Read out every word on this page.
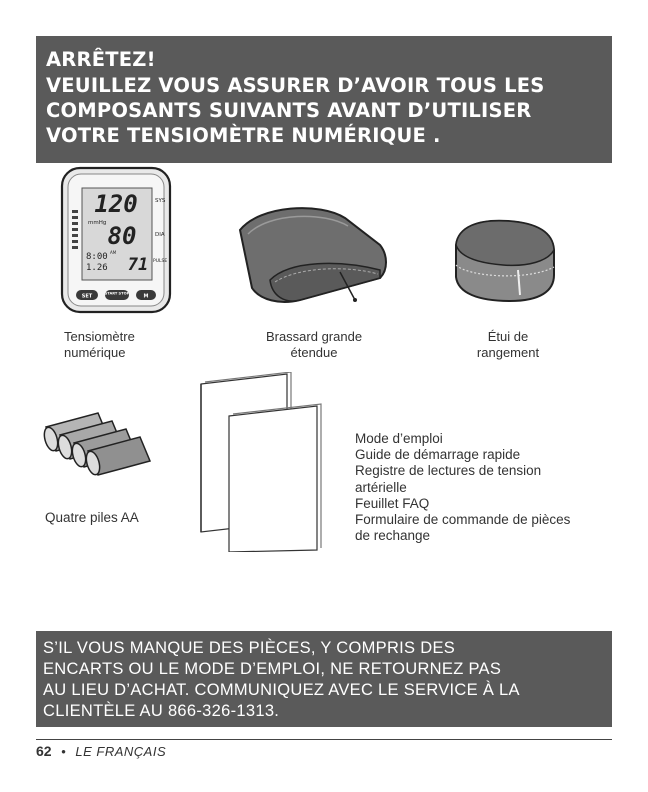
ARRÊTEZ!
VEUILLEZ VOUS ASSURER D’AVOIR TOUS LES
COMPOSANTS SUIVANTS AVANT D’UTILISER
VOTRE TENSIOMÈTRE NUMÉRIQUE .
120	SYS
mmHg 80	DIA
8:00 AM
1.26 71 PULSE
SET	START STOP	M
Tensiomètre
numérique
Brassard grande
étendue
Étui de
rangement
Quatre piles AA
Mode d’emploi
Guide de démarrage rapide
Registre de lectures de tension
artérielle
Feuillet FAQ
Formulaire de commande de pièces
de rechange
S’IL VOUS MANQUE DES PIÈCES, Y COMPRIS DES
ENCARTS OU LE MODE D’EMPLOI, NE RETOURNEZ PAS
AU LIEU D’ACHAT. COMMUNIQUEZ AVEC LE SERVICE À LA
CLIENTÈLE AU 866-326-1313.
62 • LE FRANÇAIS
